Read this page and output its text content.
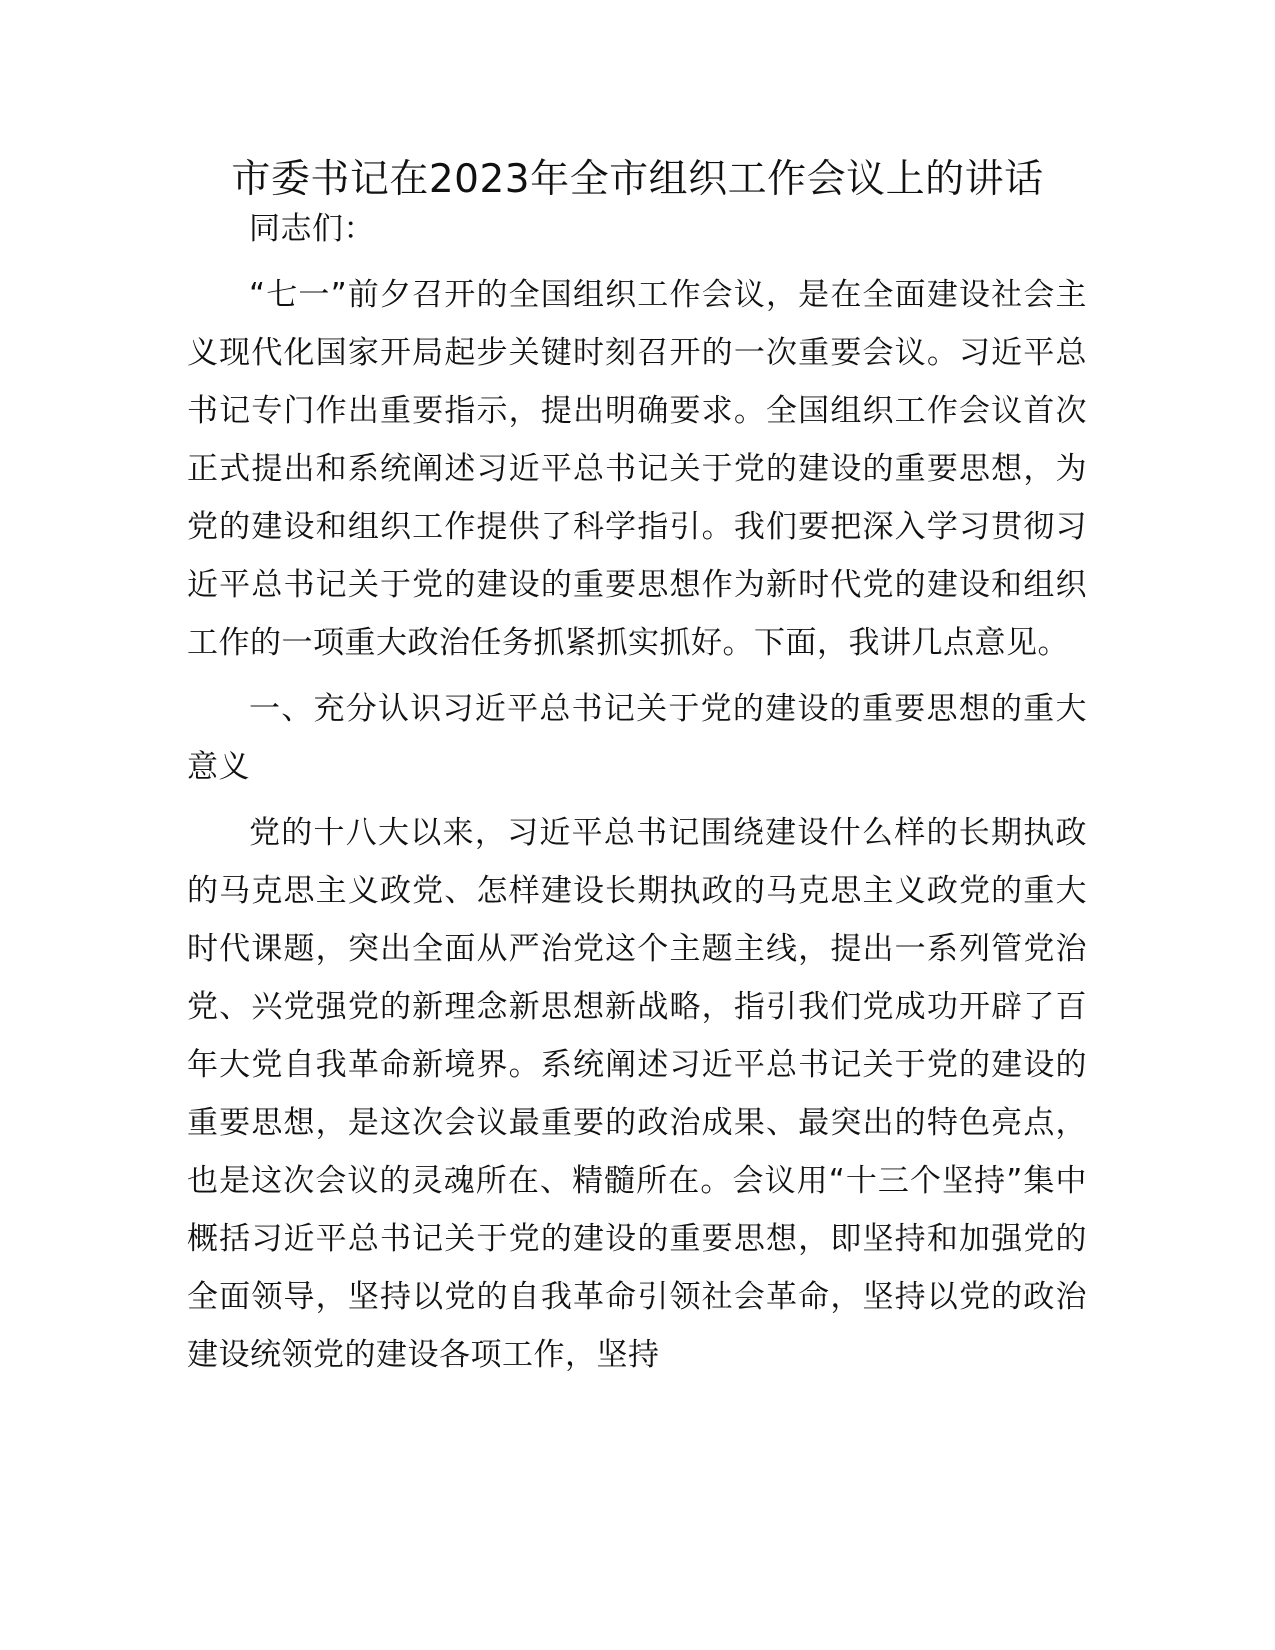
市委书记在2023年全市组织工作会议上的讲话

同志们：

“七一”前夕召开的全国组织工作会议，是在全面建设社会主义现代化国家开局起步关键时刻召开的一次重要会议。习近平总书记专门作出重要指示，提出明确要求。全国组织工作会议首次正式提出和系统阐述习近平总书记关于党的建设的重要思想，为党的建设和组织工作提供了科学指引。我们要把深入学习贯彻习近平总书记关于党的建设的重要思想作为新时代党的建设和组织工作的一项重大政治任务抓紧抓实抓好。下面，我讲几点意见。

一、充分认识习近平总书记关于党的建设的重要思想的重大意义

党的十八大以来，习近平总书记围绕建设什么样的长期执政的马克思主义政党、怎样建设长期执政的马克思主义政党的重大时代课题，突出全面从严治党这个主题主线，提出一系列管党治党、兴党强党的新理念新思想新战略，指引我们党成功开辟了百年大党自我革命新境界。系统阐述习近平总书记关于党的建设的重要思想，是这次会议最重要的政治成果、最突出的特色亮点，也是这次会议的灵魂所在、精髓所在。会议用“十三个坚持”集中概括习近平总书记关于党的建设的重要思想，即坚持和加强党的全面领导，坚持以党的自我革命引领社会革命，坚持以党的政治建设统领党的建设各项工作，坚持
